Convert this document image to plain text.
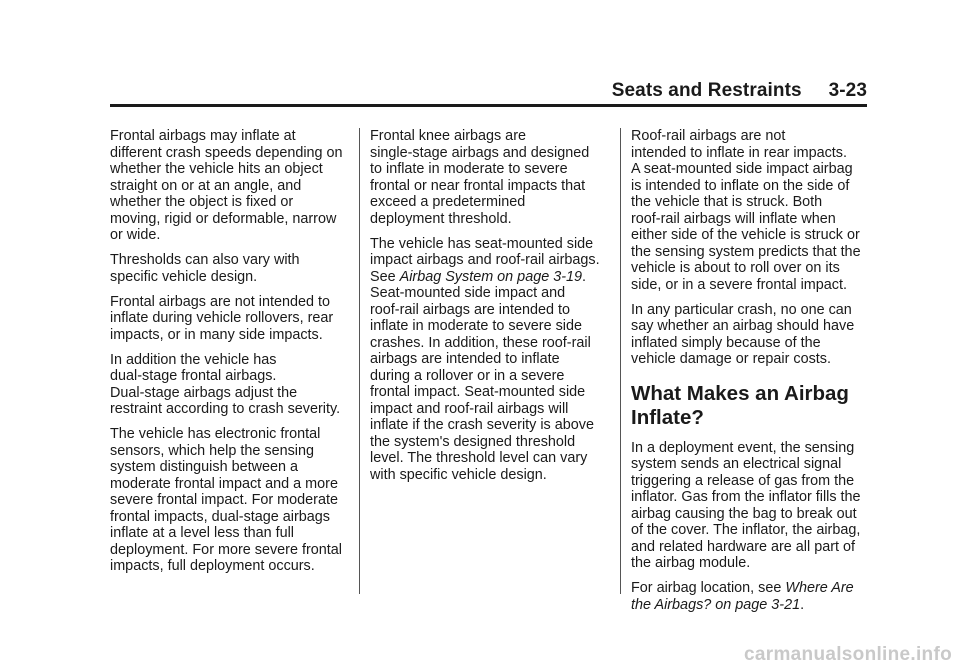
Seats and Restraints     3-23

Frontal airbags may inflate at
different crash speeds depending on
whether the vehicle hits an object
straight on or at an angle, and
whether the object is fixed or
moving, rigid or deformable, narrow
or wide.

Thresholds can also vary with
specific vehicle design.

Frontal airbags are not intended to
inflate during vehicle rollovers, rear
impacts, or in many side impacts.

In addition the vehicle has
dual-stage frontal airbags.
Dual-stage airbags adjust the
restraint according to crash severity.

The vehicle has electronic frontal
sensors, which help the sensing
system distinguish between a
moderate frontal impact and a more
severe frontal impact. For moderate
frontal impacts, dual-stage airbags
inflate at a level less than full
deployment. For more severe frontal
impacts, full deployment occurs.

Frontal knee airbags are
single-stage airbags and designed
to inflate in moderate to severe
frontal or near frontal impacts that
exceed a predetermined
deployment threshold.

The vehicle has seat-mounted side
impact airbags and roof-rail airbags.
See Airbag System on page 3-19.
Seat-mounted side impact and
roof-rail airbags are intended to
inflate in moderate to severe side
crashes. In addition, these roof-rail
airbags are intended to inflate
during a rollover or in a severe
frontal impact. Seat-mounted side
impact and roof-rail airbags will
inflate if the crash severity is above
the system's designed threshold
level. The threshold level can vary
with specific vehicle design.

Roof-rail airbags are not
intended to inflate in rear impacts.
A seat-mounted side impact airbag
is intended to inflate on the side of
the vehicle that is struck. Both
roof-rail airbags will inflate when
either side of the vehicle is struck or
the sensing system predicts that the
vehicle is about to roll over on its
side, or in a severe frontal impact.

In any particular crash, no one can
say whether an airbag should have
inflated simply because of the
vehicle damage or repair costs.

What Makes an Airbag
Inflate?

In a deployment event, the sensing
system sends an electrical signal
triggering a release of gas from the
inflator. Gas from the inflator fills the
airbag causing the bag to break out
of the cover. The inflator, the airbag,
and related hardware are all part of
the airbag module.

For airbag location, see Where Are
the Airbags? on page 3-21.

carmanualsonline.info
